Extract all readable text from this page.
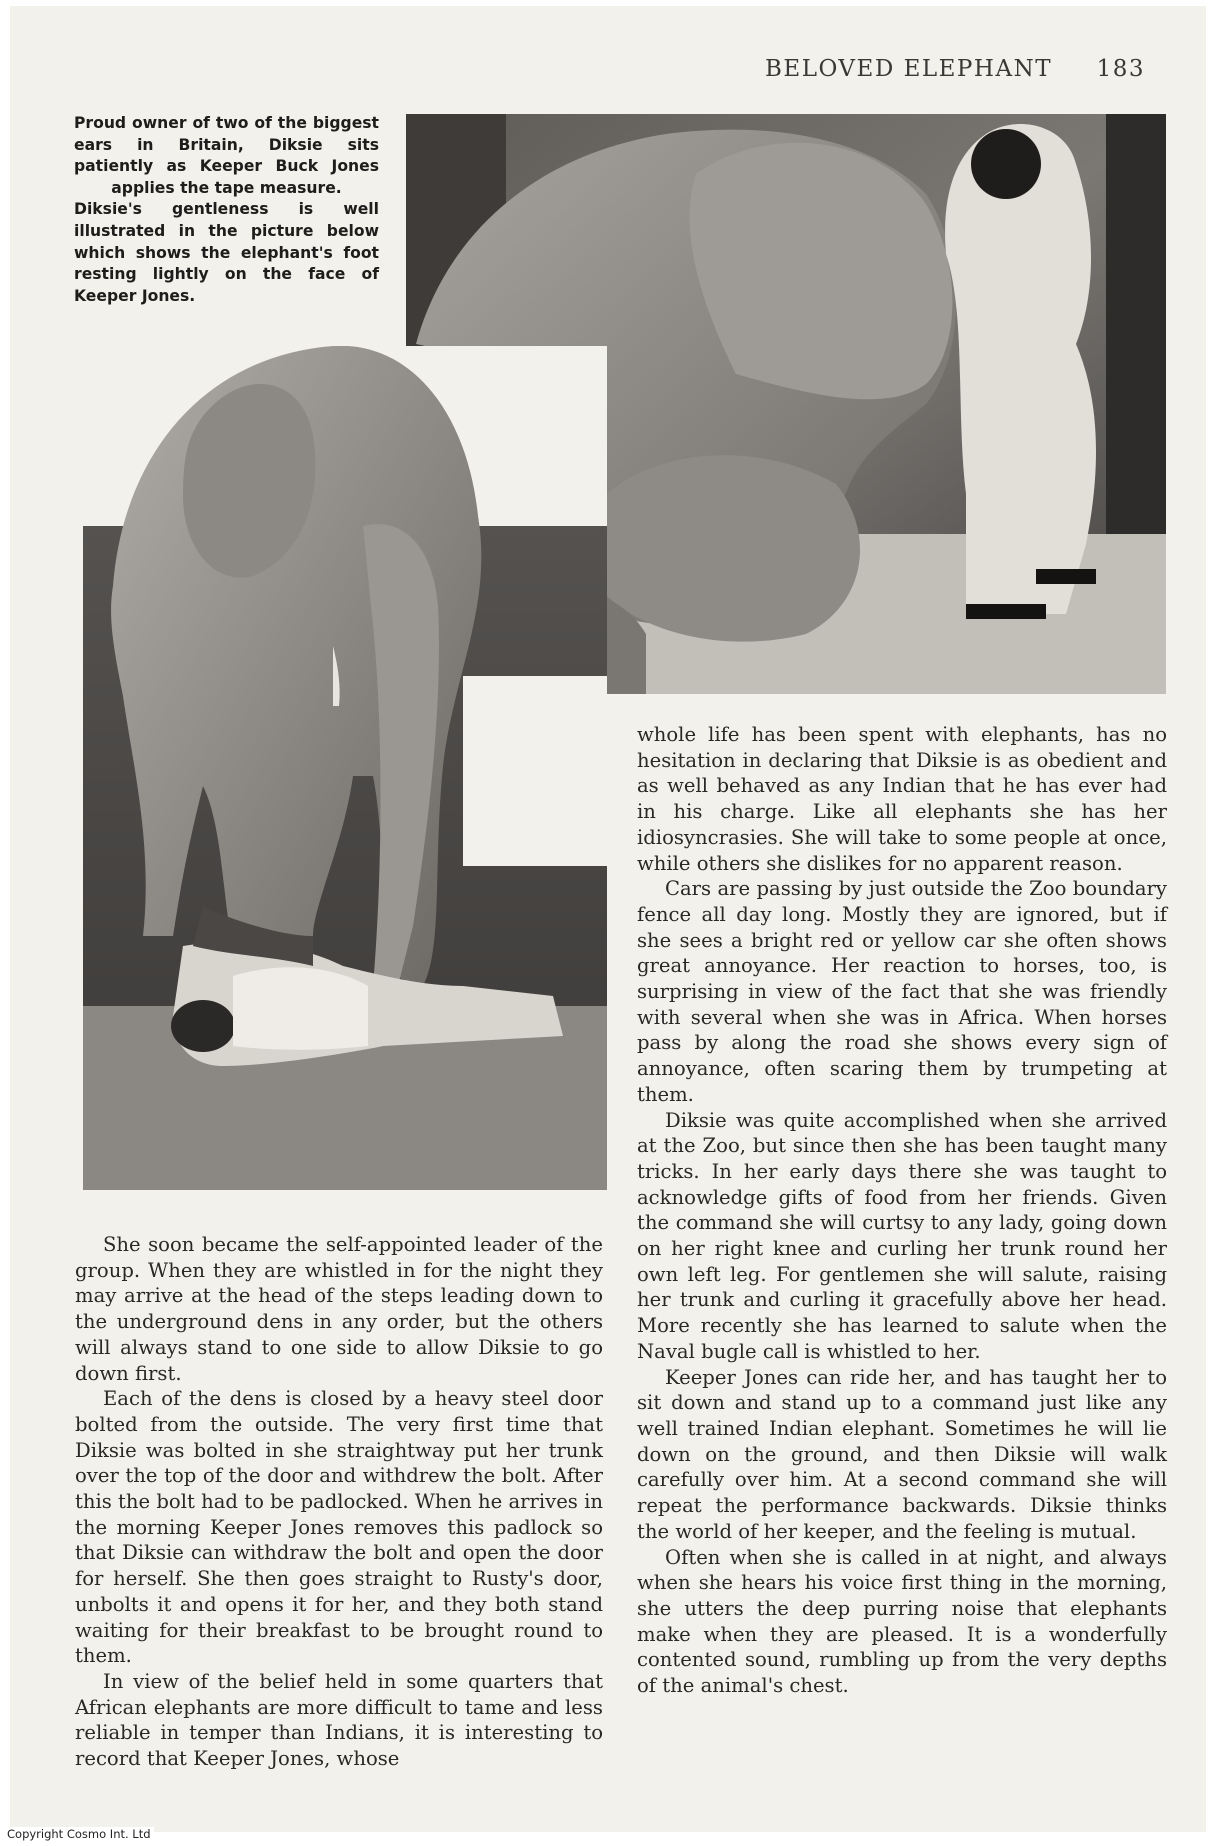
BELOVED ELEPHANT 183

Proud owner of two of the biggest ears in Britain, Diksie sits patiently as Keeper Buck Jones applies the tape measure.

Diksie's gentleness is well illustrated in the picture below which shows the elephant's foot resting lightly on the face of Keeper Jones.

She soon became the self-appointed leader of the group. When they are whistled in for the night they may arrive at the head of the steps leading down to the underground dens in any order, but the others will always stand to one side to allow Diksie to go down first.

Each of the dens is closed by a heavy steel door bolted from the outside. The very first time that Diksie was bolted in she straightway put her trunk over the top of the door and withdrew the bolt. After this the bolt had to be padlocked. When he arrives in the morning Keeper Jones removes this padlock so that Diksie can withdraw the bolt and open the door for herself. She then goes straight to Rusty's door, unbolts it and opens it for her, and they both stand waiting for their breakfast to be brought round to them.

In view of the belief held in some quarters that African elephants are more difficult to tame and less reliable in temper than Indians, it is interesting to record that Keeper Jones, whose

whole life has been spent with elephants, has no hesitation in declaring that Diksie is as obedient and as well behaved as any Indian that he has ever had in his charge. Like all elephants she has her idiosyncrasies. She will take to some people at once, while others she dislikes for no apparent reason.

Cars are passing by just outside the Zoo boundary fence all day long. Mostly they are ignored, but if she sees a bright red or yellow car she often shows great annoyance. Her reaction to horses, too, is surprising in view of the fact that she was friendly with several when she was in Africa. When horses pass by along the road she shows every sign of annoyance, often scaring them by trumpeting at them.

Diksie was quite accomplished when she arrived at the Zoo, but since then she has been taught many tricks. In her early days there she was taught to acknowledge gifts of food from her friends. Given the command she will curtsy to any lady, going down on her right knee and curling her trunk round her own left leg. For gentlemen she will salute, raising her trunk and curling it gracefully above her head. More recently she has learned to salute when the Naval bugle call is whistled to her.

Keeper Jones can ride her, and has taught her to sit down and stand up to a command just like any well trained Indian elephant. Sometimes he will lie down on the ground, and then Diksie will walk carefully over him. At a second command she will repeat the performance backwards. Diksie thinks the world of her keeper, and the feeling is mutual.

Often when she is called in at night, and always when she hears his voice first thing in the morning, she utters the deep purring noise that elephants make when they are pleased. It is a wonderfully contented sound, rumbling up from the very depths of the animal's chest.

Copyright Cosmo Int. Ltd
